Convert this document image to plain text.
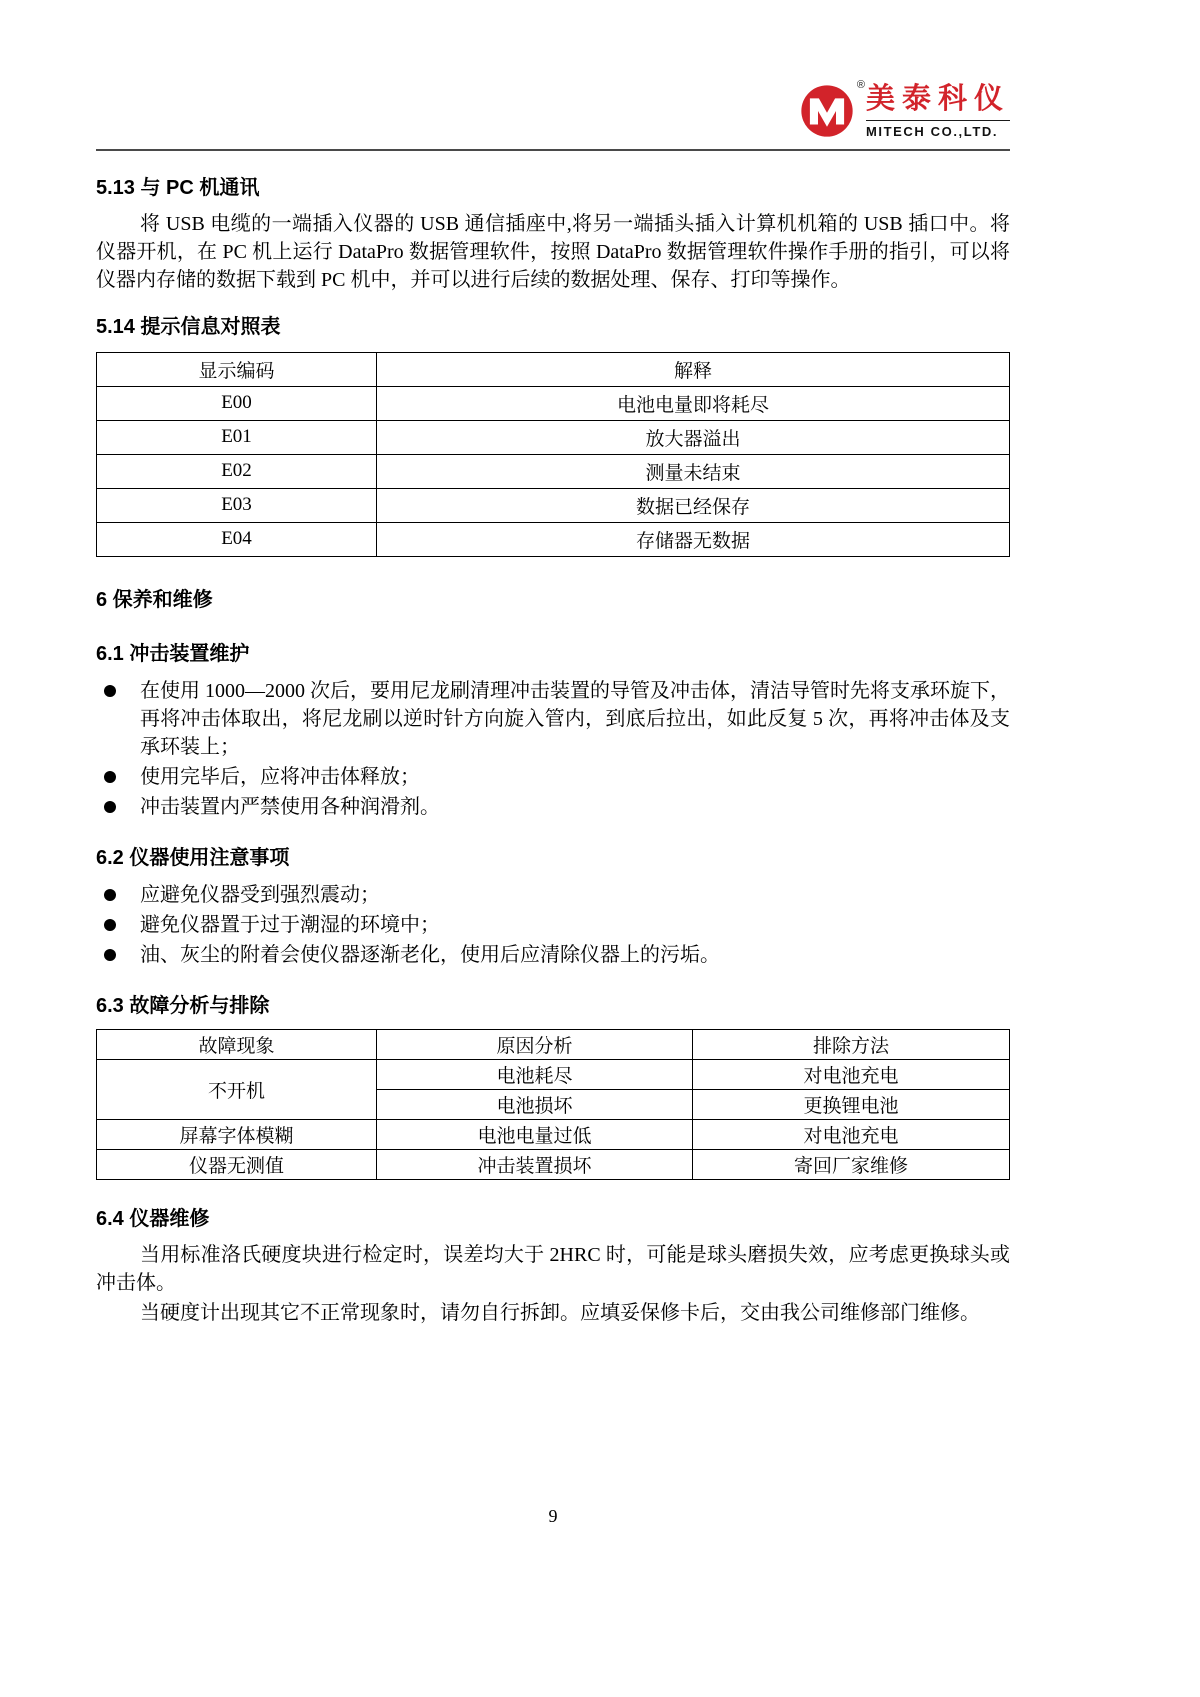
® 美泰科仪
MITECH CO.,LTD.
5.13 与 PC 机通讯

将 USB 电缆的一端插入仪器的 USB 通信插座中,将另一端插头插入计算机机箱的 USB 插口中。将仪器开机，在 PC 机上运行 DataPro 数据管理软件，按照 DataPro 数据管理软件操作手册的指引，可以将仪器内存储的数据下载到 PC 机中，并可以进行后续的数据处理、保存、打印等操作。

5.14 提示信息对照表
显示编码	解释
E00	电池电量即将耗尽
E01	放大器溢出
E02	测量未结束
E03	数据已经保存
E04	存储器无数据
6 保养和维修
6.1 冲击装置维护
在使用 1000—2000 次后，要用尼龙刷清理冲击装置的导管及冲击体，清洁导管时先将支承环旋下，再将冲击体取出，将尼龙刷以逆时针方向旋入管内，到底后拉出，如此反复 5 次，再将冲击体及支承环装上；
使用完毕后，应将冲击体释放；
冲击装置内严禁使用各种润滑剂。
6.2 仪器使用注意事项
应避免仪器受到强烈震动；
避免仪器置于过于潮湿的环境中；
油、灰尘的附着会使仪器逐渐老化，使用后应清除仪器上的污垢。
6.3 故障分析与排除
故障现象	原因分析	排除方法
不开机	电池耗尽	对电池充电
	电池损坏	更换锂电池
屏幕字体模糊	电池电量过低	对电池充电
仪器无测值	冲击装置损坏	寄回厂家维修
6.4 仪器维修

当用标准洛氏硬度块进行检定时，误差均大于 2HRC 时，可能是球头磨损失效，应考虑更换球头或冲击体。

当硬度计出现其它不正常现象时，请勿自行拆卸。应填妥保修卡后，交由我公司维修部门维修。

9
